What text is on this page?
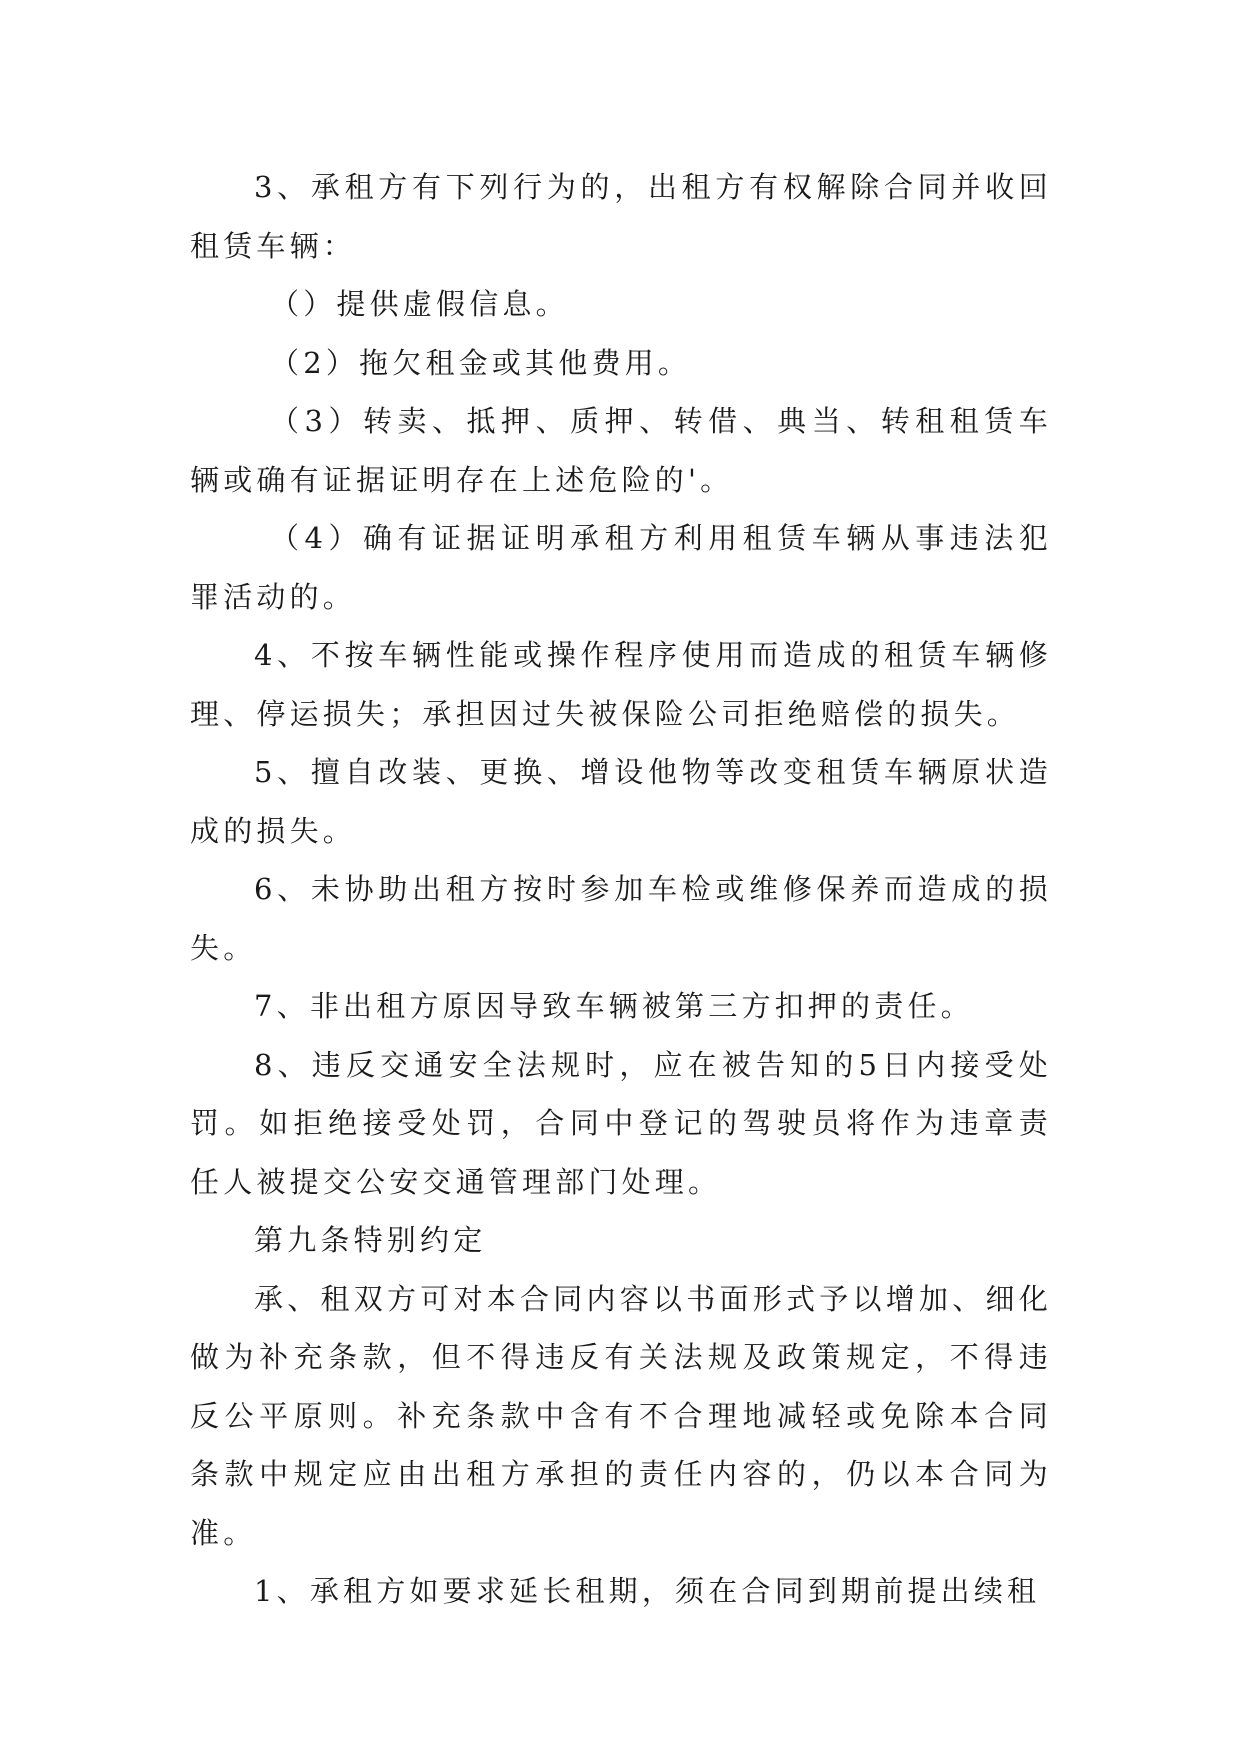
3、承租方有下列行为的，出租方有权解除合同并收回租赁车辆：

（）提供虚假信息。

（2）拖欠租金或其他费用。

（3）转卖、抵押、质押、转借、典当、转租租赁车辆或确有证据证明存在上述危险的'。

（4）确有证据证明承租方利用租赁车辆从事违法犯罪活动的。

4、不按车辆性能或操作程序使用而造成的租赁车辆修理、停运损失；承担因过失被保险公司拒绝赔偿的损失。

5、擅自改装、更换、增设他物等改变租赁车辆原状造成的损失。

6、未协助出租方按时参加车检或维修保养而造成的损失。

7、非出租方原因导致车辆被第三方扣押的责任。

8、违反交通安全法规时，应在被告知的5日内接受处罚。如拒绝接受处罚，合同中登记的驾驶员将作为违章责任人被提交公安交通管理部门处理。

第九条特别约定

承、租双方可对本合同内容以书面形式予以增加、细化做为补充条款，但不得违反有关法规及政策规定，不得违反公平原则。补充条款中含有不合理地减轻或免除本合同条款中规定应由出租方承担的责任内容的，仍以本合同为准。

1、承租方如要求延长租期，须在合同到期前提出续租
